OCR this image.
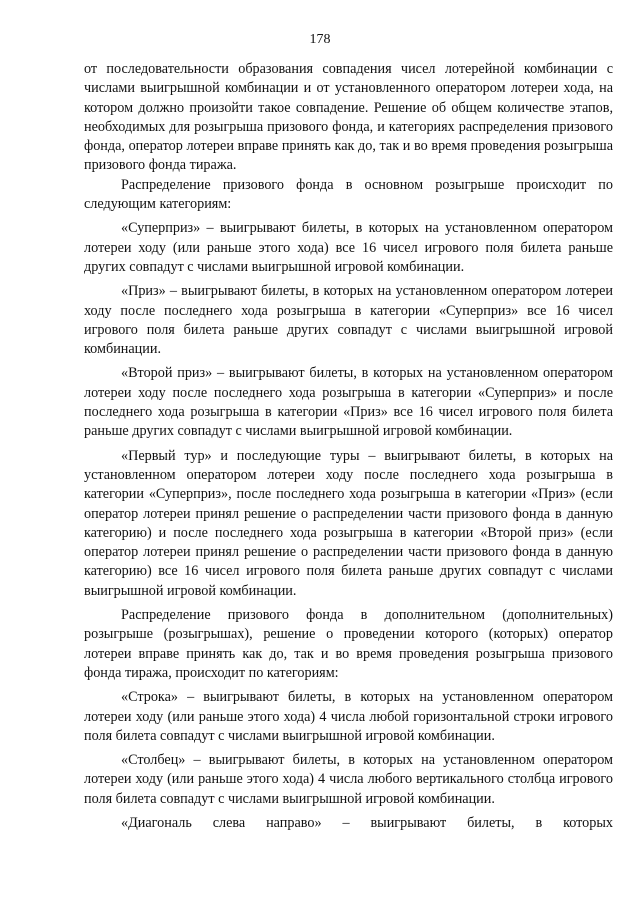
178

от последовательности образования совпадения чисел лотерейной комбинации с числами выигрышной комбинации и от установленного оператором лотереи хода, на котором должно произойти такое совпадение. Решение об общем количестве этапов, необходимых для розыгрыша призового фонда, и категориях распределения призового фонда, оператор лотереи вправе принять как до, так и во время проведения розыгрыша призового фонда тиража.

Распределение призового фонда в основном розыгрыше происходит по следующим категориям:

«Суперприз» – выигрывают билеты, в которых на установленном оператором лотереи ходу (или раньше этого хода) все 16 чисел игрового поля билета раньше других совпадут с числами выигрышной игровой комбинации.

«Приз» – выигрывают билеты, в которых на установленном оператором лотереи ходу после последнего хода розыгрыша в категории «Суперприз» все 16 чисел игрового поля билета раньше других совпадут с числами выигрышной игровой комбинации.

«Второй приз» – выигрывают билеты, в которых на установленном оператором лотереи ходу после последнего хода розыгрыша в категории «Суперприз» и после последнего хода розыгрыша в категории «Приз» все 16 чисел игрового поля билета раньше других совпадут с числами выигрышной игровой комбинации.

«Первый тур» и последующие туры – выигрывают билеты, в которых на установленном оператором лотереи ходу после последнего хода розыгрыша в категории «Суперприз», после последнего хода розыгрыша в категории «Приз» (если оператор лотереи принял решение о распределении части призового фонда в данную категорию) и после последнего хода розыгрыша в категории «Второй приз» (если оператор лотереи принял решение о распределении части призового фонда в данную категорию) все 16 чисел игрового поля билета раньше других совпадут с числами выигрышной игровой комбинации.

Распределение призового фонда в дополнительном (дополнительных) розыгрыше (розыгрышах), решение о проведении которого (которых) оператор лотереи вправе принять как до, так и во время проведения розыгрыша призового фонда тиража, происходит по категориям:

«Строка» – выигрывают билеты, в которых на установленном оператором лотереи ходу (или раньше этого хода) 4 числа любой горизонтальной строки игрового поля билета совпадут с числами выигрышной игровой комбинации.

«Столбец» – выигрывают билеты, в которых на установленном оператором лотереи ходу (или раньше этого хода) 4 числа любого вертикального столбца игрового поля билета совпадут с числами выигрышной игровой комбинации.

«Диагональ слева направо» – выигрывают билеты, в которых
